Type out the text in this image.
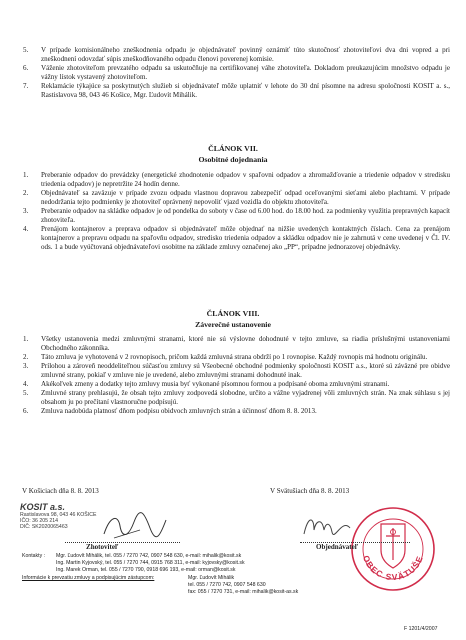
5. V prípade komisionálneho zneškodnenia odpadu je objednávateľ povinný oznámiť túto skutočnosť zhotoviteľovi dva dni vopred a pri zneškodnení odovzdať súpis zneškodňovaného odpadu členovi poverenej komisie.
6. Váženie zhotoviteľom prevzatého odpadu sa uskutočňuje na certifikovanej váhe zhotoviteľa. Dokladom preukazujúcim množstvo odpadu je vážny lístok vystavený zhotoviteľom.
7. Reklamácie týkajúce sa poskytnutých služieb si objednávateľ môže uplatniť v lehote do 30 dní písomne na adresu spoločnosti KOSIT a. s., Rastislavova 98, 043 46 Košice, Mgr. Ľudovít Mihálik.
ČLÁNOK VII.
Osobitné dojednania
1. Preberanie odpadov do prevádzky (energetické zhodnotenie odpadov v spaľovni odpadov a zhromažďovanie a triedenie odpadov v stredisku triedenia odpadov) je nepretržite 24 hodín denne.
2. Objednávateľ sa zaväzuje v prípade zvozu odpadu vlastnou dopravou zabezpečiť odpad oceľovanými sieťami alebo plachtami. V prípade nedodržania tejto podmienky je zhotoviteľ oprávnený nepovoliť vjazd vozidla do objektu zhotoviteľa.
3. Preberanie odpadov na skládke odpadov je od pondelka do soboty v čase od 6.00 hod. do 18.00 hod. za podmienky využitia prepravných kapacít zhotoviteľa.
4. Prenájom kontajnerov a preprava odpadov si objednávateľ môže objednať na nižšie uvedených kontaktných číslach. Cena za prenájom kontajnerov a prepravu odpadu na spaľovňu odpadov, stredisko triedenia odpadov a skládku odpadov nie je zahrnutá v cene uvedenej v Čl. IV. ods. 1 a bude vyúčtovaná objednávateľovi osobitne na základe zmluvy označenej ako „PP“, prípadne jednorazovej objednávky.
ČLÁNOK VIII.
Záverečné ustanovenie
1. Všetky ustanovenia medzi zmluvnými stranami, ktoré nie sú výslovne dohodnuté v tejto zmluve, sa riadia príslušnými ustanoveniami Obchodného zákonníka.
2. Táto zmluva je vyhotovená v 2 rovnopisoch, pričom každá zmluvná strana obdrží po 1 rovnopise. Každý rovnopis má hodnotu originálu.
3. Prílohou a zároveň neoddeliteľnou súčasťou zmluvy sú Všeobecné obchodné podmienky spoločnosti KOSIT a.s., ktoré sú záväzné pre obidve zmluvné strany, pokiaľ v zmluve nie je uvedené, alebo zmluvnými stranami dohodnuté inak.
4. Akékoľvek zmeny a dodatky tejto zmluvy musia byť vykonané písomnou formou a podpísané oboma zmluvnými stranami.
5. Zmluvné strany prehlasujú, že obsah tejto zmluvy zodpovedá slobodne, určito a vážne vyjadrenej vôli zmluvných strán. Na znak súhlasu s jej obsahom ju po prečítaní vlastnoručne podpísujú.
6. Zmluva nadobúda platnosť dňom podpisu obidvoch zmluvných strán a účinnosť dňom 8. 8. 2013.
V Košiciach dňa 8. 8. 2013	V Svätušiach dňa 8. 8. 2013
KOSIT a.s.
Rastislavova 98, 043 46 KOŠICE
IČO: 36 205 214
DIČ: SK2020065463
OBEC SVÄTUŠE
Zhotoviteľ	Objednávateľ
Kontakty : Mgr. Ľudovít Mihálik, tel. 055 / 7270 742, 0907 548 630, e-mail: mihalik@kosit.sk
Ing. Martin Kyjovský, tel. 055 / 7270 744, 0915 768 311, e-mail: kyjovsky@kosit.sk
Ing. Marek Orman, tel. 055 / 7270 790, 0918 696 193, e-mail: orman@kosit.sk
Informácie k prevzatiu zmluvy a podpisujúcim zástupcom:	Mgr. Ľudovít Mihálik
tel. 055 / 7270 742, 0907 548 630
fax: 055 / 7270 731, e-mail: mihalik@kosit-as.sk
F 1201/4/2007
